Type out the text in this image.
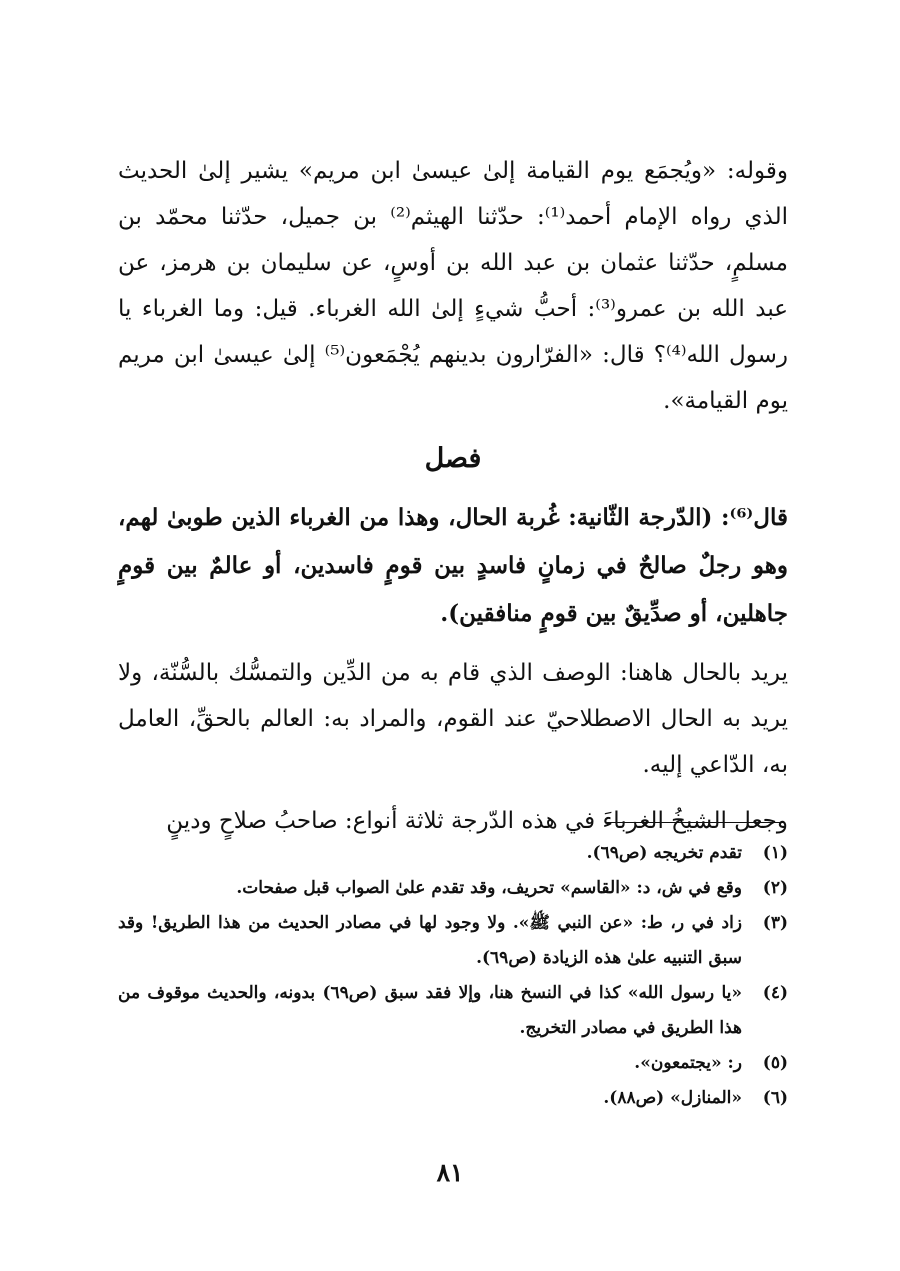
وقوله: «ويُجمَع يوم القيامة إلىٰ عيسىٰ ابن مريم» يشير إلىٰ الحديث الذي رواه الإمام أحمد⁽¹⁾: حدّثنا الهيثم⁽²⁾ بن جميل، حدّثنا محمّد بن مسلمٍ، حدّثنا عثمان بن عبد الله بن أوسٍ، عن سليمان بن هرمز، عن عبد الله بن عمرو⁽³⁾: أحبُّ شيءٍ إلىٰ الله الغرباء. قيل: وما الغرباء يا رسول الله⁽⁴⁾؟ قال: «الفرّارون بدينهم يُجْمَعون⁽⁵⁾ إلىٰ عيسىٰ ابن مريم يوم القيامة».

فصل

قال⁽⁶⁾: (الدّرجة الثّانية: غُربة الحال، وهذا من الغرباء الذين طوبىٰ لهم، وهو رجلٌ صالحٌ في زمانٍ فاسدٍ بين قومٍ فاسدين، أو عالمٌ بين قومٍ جاهلين، أو صدِّيقٌ بين قومٍ منافقين).

يريد بالحال هاهنا: الوصف الذي قام به من الدِّين والتمسُّك بالسُّنّة، ولا يريد به الحال الاصطلاحيّ عند القوم، والمراد به: العالم بالحقِّ، العامل به، الدّاعي إليه.

وجعل الشيخُ الغرباءَ في هذه الدّرجة ثلاثة أنواع: صاحبُ صلاحٍ ودينٍ

(١)
تقدم تخريجه (ص٦٩).
(٢)
وقع في ش، د: «القاسم» تحريف، وقد تقدم علىٰ الصواب قبل صفحات.
(٣)
زاد في ر، ط: «عن النبي ﷺ». ولا وجود لها في مصادر الحديث من هذا الطريق! وقد سبق التنبيه علىٰ هذه الزيادة (ص٦٩).
(٤)
«يا رسول الله» كذا في النسخ هنا، وإلا فقد سبق (ص٦٩) بدونه، والحديث موقوف من هذا الطريق في مصادر التخريج.
(٥)
ر: «يجتمعون».
(٦)
«المنازل» (ص٨٨).
٨١
